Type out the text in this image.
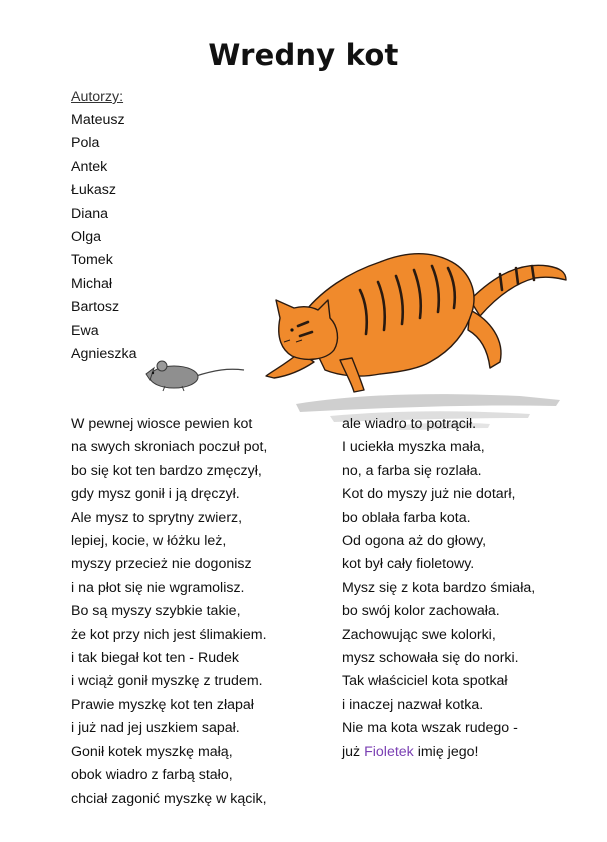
Wredny kot
Autorzy:
Mateusz
Pola
Antek
Łukasz
Diana
Olga
Tomek
Michał
Bartosz
Ewa
Agnieszka
W pewnej wiosce pewien kot
na swych skroniach poczuł pot,
bo się kot ten bardzo zmęczył,
gdy mysz gonił i ją dręczył.
Ale mysz to sprytny zwierz,
lepiej, kocie, w łóżku leż,
myszy przecież nie dogonisz
i na płot się nie wgramolisz.
Bo są myszy szybkie takie,
że kot przy nich jest ślimakiem.
i tak biegał kot ten - Rudek
i wciąż gonił myszkę z trudem.
Prawie myszkę kot ten złapał
i już nad jej uszkiem sapał.
Gonił kotek myszkę małą,
obok wiadro z farbą stało,
chciał zagonić myszkę w kącik,
ale wiadro to potrącił.
I uciekła myszka mała,
no, a farba się rozlała.
Kot do myszy już nie dotarł,
bo oblała farba kota.
Od ogona aż do głowy,
kot był cały fioletowy.
Mysz się z kota bardzo śmiała,
bo swój kolor zachowała.
Zachowując swe kolorki,
mysz schowała się do norki.
Tak właściciel kota spotkał
i inaczej nazwał kotka.
Nie ma kota wszak rudego -
już Fioletek imię jego!
